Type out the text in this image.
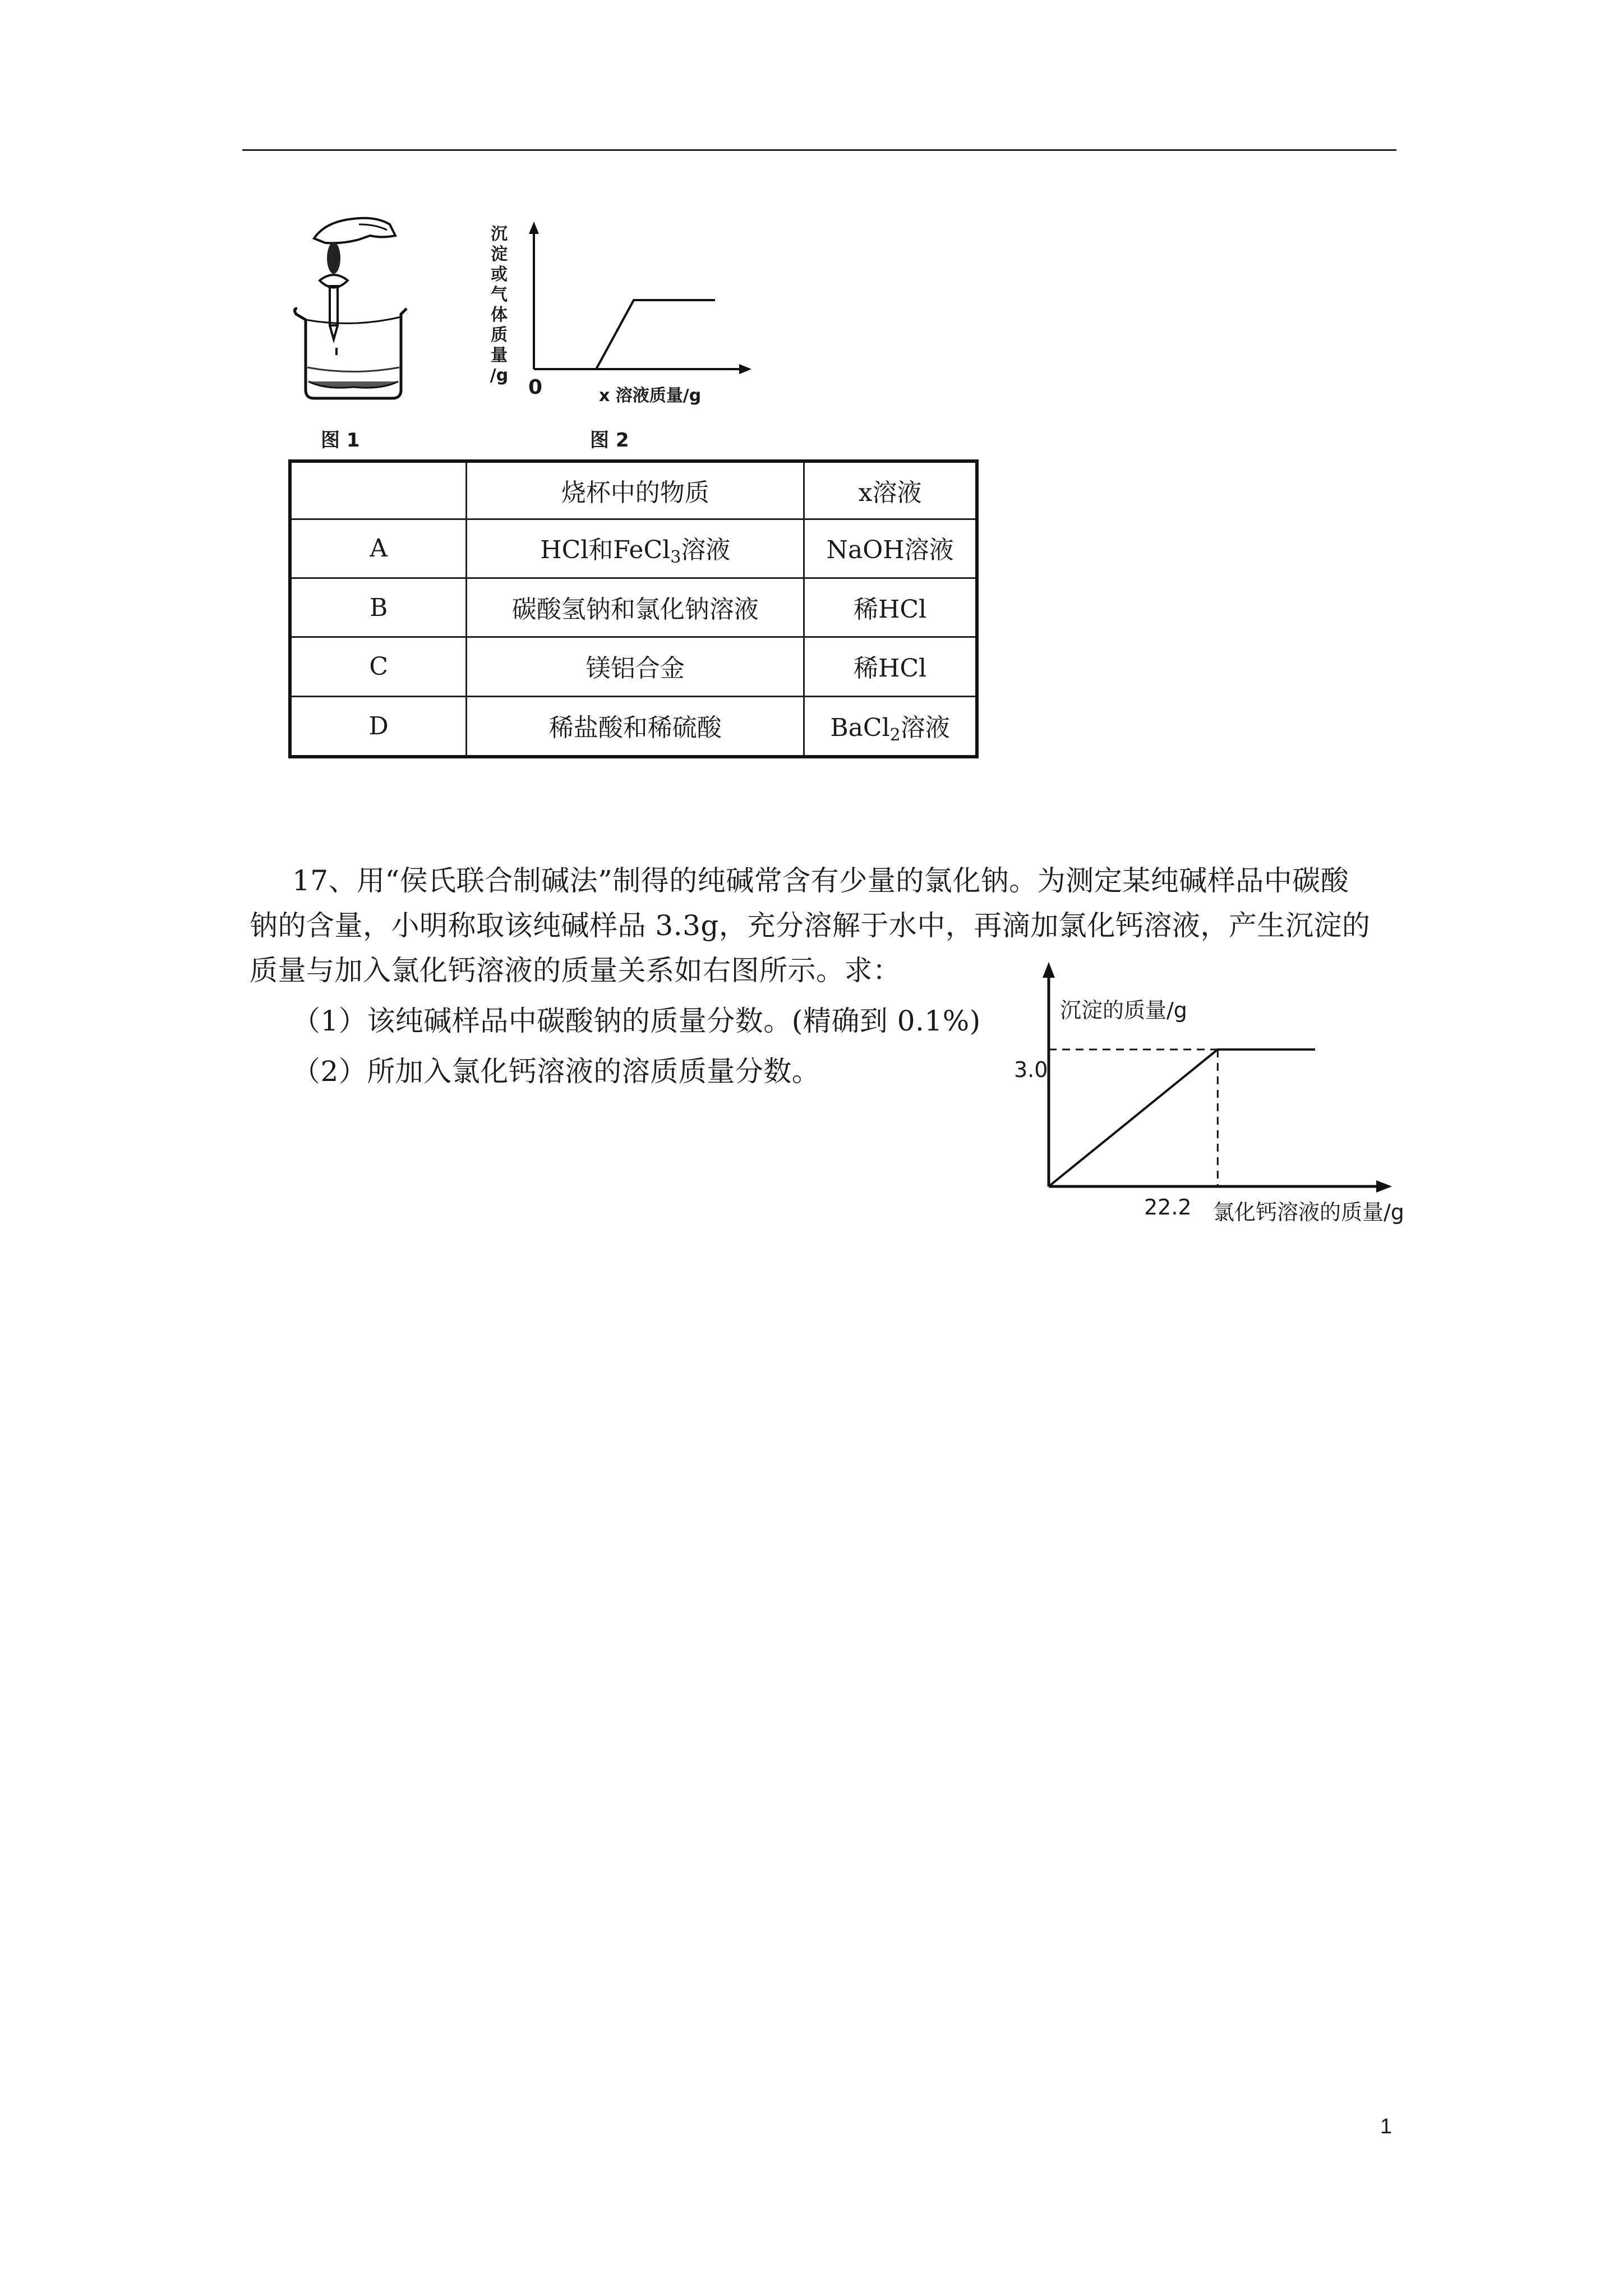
图 1
沉
淀
或
气
体
质
量
/g
0	x 溶液质量/g
图 2
	烧杯中的物质	x溶液
A	HCl和FeCl$_3$溶液	NaOH溶液
B	碳酸氢钠和氯化钠溶液	稀HCl
C	镁铝合金	稀HCl
D	稀盐酸和稀硫酸	BaCl$_2$溶液
17、用“侯氏联合制碱法”制得的纯碱常含有少量的氯化钠。为测定某纯碱样品中碳酸
钠的含量，小明称取该纯碱样品 3.3g，充分溶解于水中，再滴加氯化钙溶液，产生沉淀的
质量与加入氯化钙溶液的质量关系如右图所示。求：
（1）该纯碱样品中碳酸钠的质量分数。(精确到 0.1%)
（2）所加入氯化钙溶液的溶质质量分数。
沉淀的质量/g
3.0
22.2 氯化钙溶液的质量/g
1
